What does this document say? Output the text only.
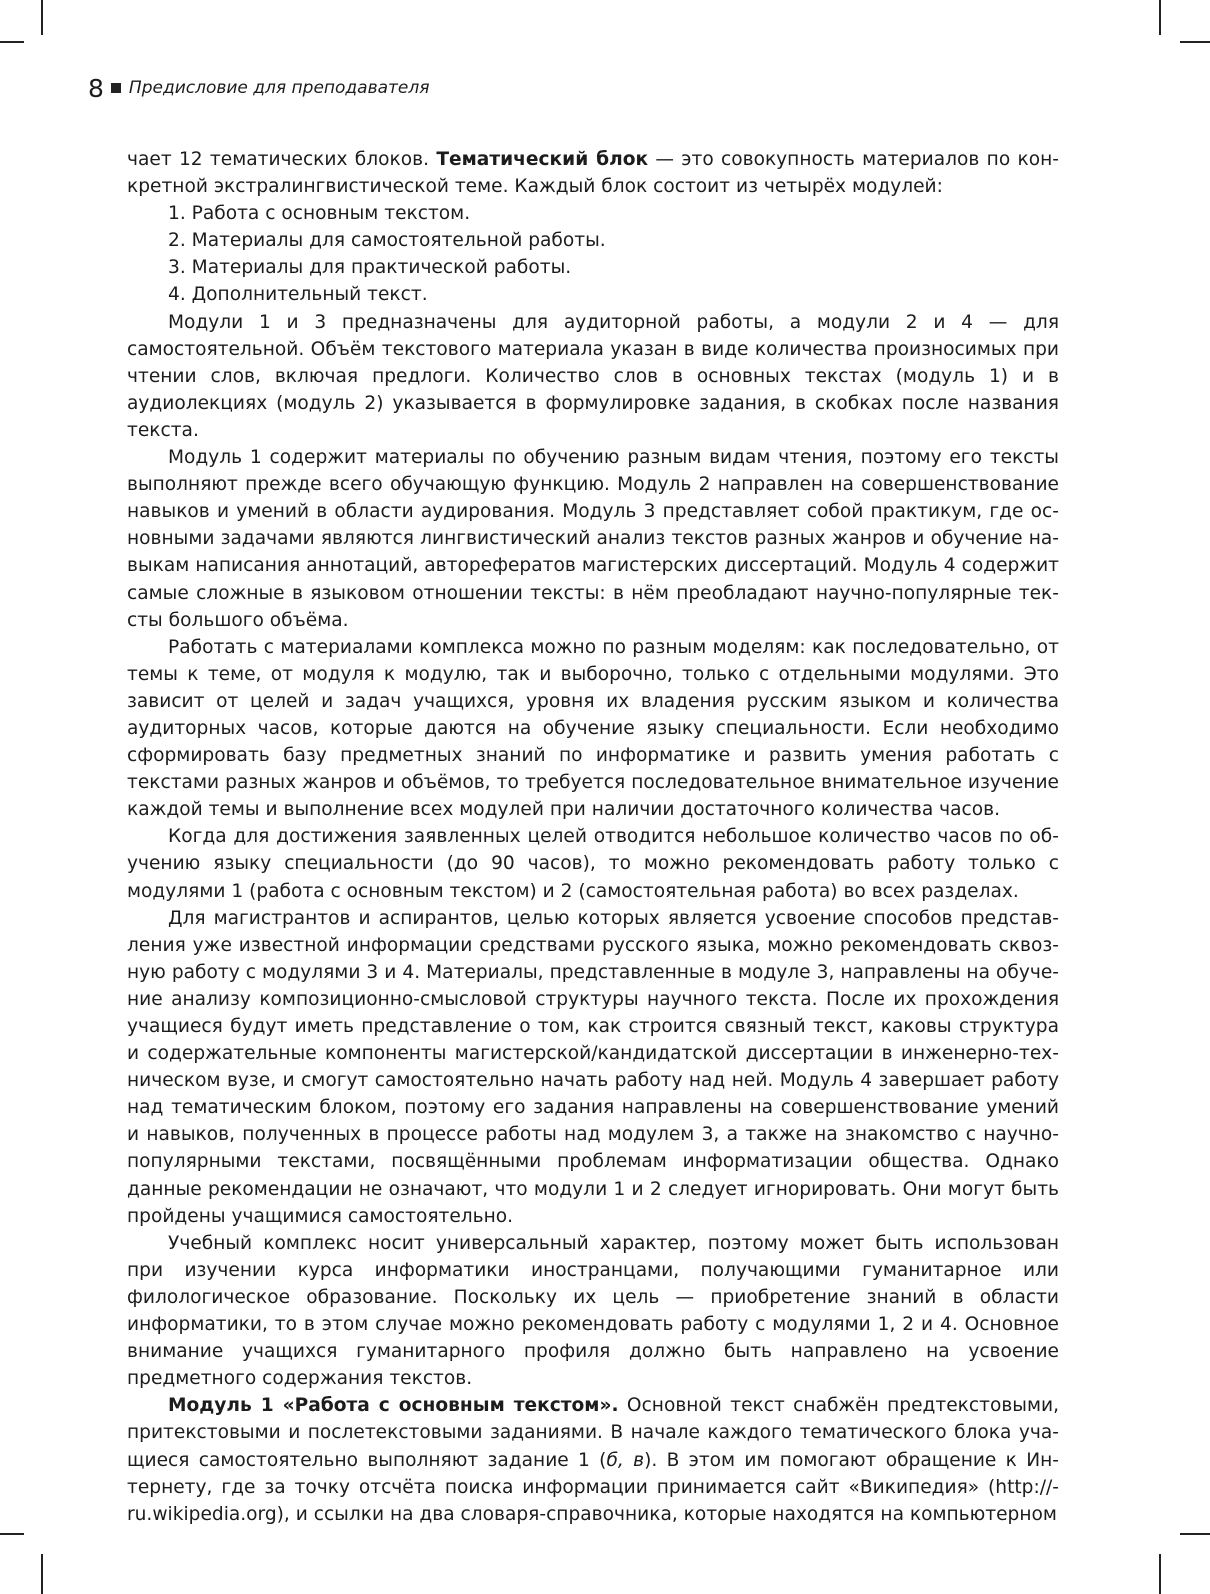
8 Предисловие для преподавателя

чает 12 тематических блоков. Тематический блок — это совокупность материалов по конкретной экстралингвистической теме. Каждый блок состоит из четырёх модулей:

1. Работа с основным текстом.

2. Материалы для самостоятельной работы.

3. Материалы для практической работы.

4. Дополнительный текст.

Модули 1 и 3 предназначены для аудиторной работы, а модули 2 и 4 — для самостоятельной. Объём текстового материала указан в виде количества произносимых при чтении слов, включая предлоги. Количество слов в основных текстах (модуль 1) и в аудиолекциях (модуль 2) указывается в формулировке задания, в скобках после названия текста.

Модуль 1 содержит материалы по обучению разным видам чтения, поэтому его тексты выполняют прежде всего обучающую функцию. Модуль 2 направлен на совершенствование навыков и умений в области аудирования. Модуль 3 представляет собой практикум, где основными задачами являются лингвистический анализ текстов разных жанров и обучение навыкам написания аннотаций, авторефератов магистерских диссертаций. Модуль 4 содержит самые сложные в языковом отношении тексты: в нём преобладают научно-популярные тексты большого объёма.

Работать с материалами комплекса можно по разным моделям: как последовательно, от темы к теме, от модуля к модулю, так и выборочно, только с отдельными модулями. Это зависит от целей и задач учащихся, уровня их владения русским языком и количества аудиторных часов, которые даются на обучение языку специальности. Если необходимо сформировать базу предметных знаний по информатике и развить умения работать с текстами разных жанров и объёмов, то требуется последовательное внимательное изучение каждой темы и выполнение всех модулей при наличии достаточного количества часов.

Когда для достижения заявленных целей отводится небольшое количество часов по обучению языку специальности (до 90 часов), то можно рекомендовать работу только с модулями 1 (работа с основным текстом) и 2 (самостоятельная работа) во всех разделах.

Для магистрантов и аспирантов, целью которых является усвоение способов представления уже известной информации средствами русского языка, можно рекомендовать сквозную работу с модулями 3 и 4. Материалы, представленные в модуле 3, направлены на обучение анализу композиционно-смысловой структуры научного текста. После их прохождения учащиеся будут иметь представление о том, как строится связный текст, каковы структура и содержательные компоненты магистерской/кандидатской диссертации в инженерно-техническом вузе, и смогут самостоятельно начать работу над ней. Модуль 4 завершает работу над тематическим блоком, поэтому его задания направлены на совершенствование умений и навыков, полученных в процессе работы над модулем 3, а также на знакомство с научно-популярными текстами, посвящёнными проблемам информатизации общества. Однако данные рекомендации не означают, что модули 1 и 2 следует игнорировать. Они могут быть пройдены учащимися самостоятельно.

Учебный комплекс носит универсальный характер, поэтому может быть использован при изучении курса информатики иностранцами, получающими гуманитарное или филологическое образование. Поскольку их цель — приобретение знаний в области информатики, то в этом случае можно рекомендовать работу с модулями 1, 2 и 4. Основное внимание учащихся гуманитарного профиля должно быть направлено на усвоение предметного содержания текстов.

Модуль 1 «Работа с основным текстом». Основной текст снабжён предтекстовыми, притекстовыми и послетекстовыми заданиями. В начале каждого тематического блока учащиеся самостоятельно выполняют задание 1 (б, в). В этом им помогают обращение к Интернету, где за точку отсчёта поиска информации принимается сайт «Википедия» (http://ru.wikipedia.org), и ссылки на два словаря-справочника, которые находятся на компьютерном
